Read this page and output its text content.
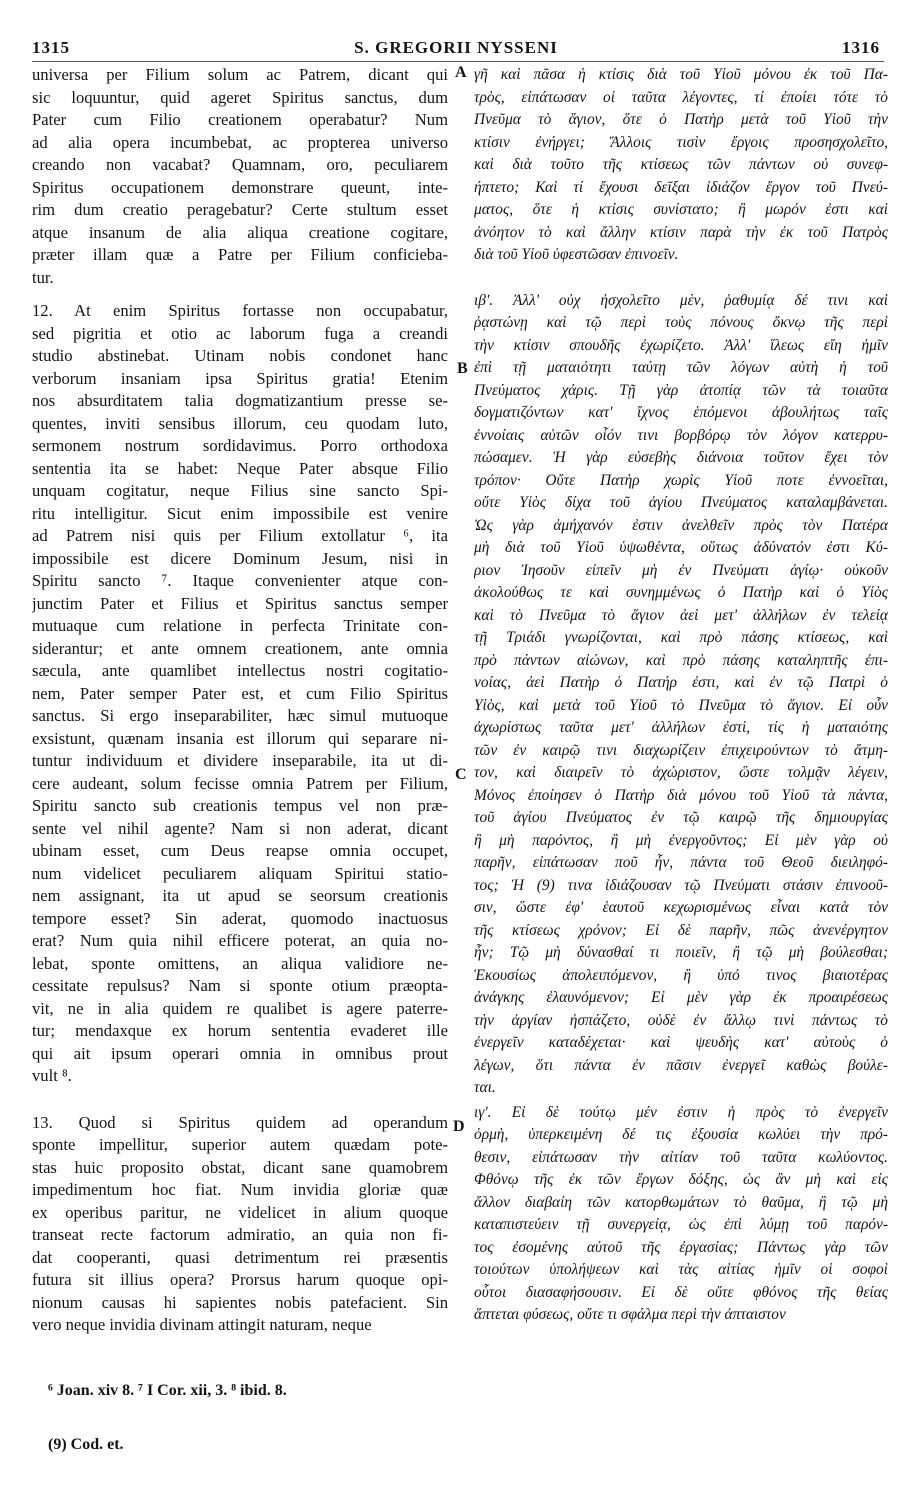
1315	S. GREGORII NYSSENI	1316
universa per Filium solum ac Patrem, dicant qui
sic loquuntur, quid ageret Spiritus sanctus, dum
Pater cum Filio creationem operabatur? Num
ad alia opera incumbebat, ac propterea universo
creando non vacabat? Quamnam, oro, peculiarem
Spiritus occupationem demonstrare queunt, inte-
rim dum creatio peragebatur? Certe stultum esset
atque insanum de alia aliqua creatione cogitare,
præter illam quæ a Patre per Filium conficieba-
tur.
12. At enim Spiritus fortasse non occupabatur,
sed pigritia et otio ac laborum fuga a creandi
studio abstinebat. Utinam nobis condonet hanc
verborum insaniam ipsa Spiritus gratia! Etenim
nos absurditatem talia dogmatizantium presse se-
quentes, inviti sensibus illorum, ceu quodam luto,
sermonem nostrum sordidavimus. Porro orthodoxa
sententia ita se habet: Neque Pater absque Filio
unquam cogitatur, neque Filius sine sancto Spi-
ritu intelligitur. Sicut enim impossibile est venire
ad Patrem nisi quis per Filium extollatur ⁶, ita
impossibile est dicere Dominum Jesum, nisi in
Spiritu sancto ⁷. Itaque convenienter atque con-
junctim Pater et Filius et Spiritus sanctus semper
mutuaque cum relatione in perfecta Trinitate con-
siderantur; et ante omnem creationem, ante omnia
sæcula, ante quamlibet intellectus nostri cogitatio-
nem, Pater semper Pater est, et cum Filio Spiritus
sanctus. Si ergo inseparabiliter, hæc simul mutuoque
exsistunt, quænam insania est illorum qui separare ni-
tuntur individuum et dividere inseparabile, ita ut di-
cere audeant, solum fecisse omnia Patrem per Filium,
Spiritu sancto sub creationis tempus vel non præ-
sente vel nihil agente? Nam si non aderat, dicant
ubinam esset, cum Deus reapse omnia occupet,
num videlicet peculiarem aliquam Spiritui statio-
nem assignant, ita ut apud se seorsum creationis
tempore esset? Sin aderat, quomodo inactuosus
erat? Num quia nihil efficere poterat, an quia no-
lebat, sponte omittens, an aliqua validiore ne-
cessitate repulsus? Nam si sponte otium præopta-
vit, ne in alia quidem re qualibet is agere paterre-
tur; mendaxque ex horum sententia evaderet ille
qui ait ipsum operari omnia in omnibus prout
vult ⁸.
13. Quod si Spiritus quidem ad operandum
sponte impellitur, superior autem quædam pote-
stas huic proposito obstat, dicant sane quamobrem
impedimentum hoc fiat. Num invidia gloriæ quæ
ex operibus paritur, ne videlicet in alium quoque
transeat recte factorum admiratio, an quia non fi-
dat cooperanti, quasi detrimentum rei præsentis
futura sit illius opera? Prorsus harum quoque opi-
nionum causas hi sapientes nobis patefacient. Sin
vero neque invidia divinam attingit naturam, neque
γῆ καὶ πᾶσα ἡ κτίσις διὰ τοῦ Υἱοῦ μόνου ἐκ τοῦ Πα-
τρὸς, εἰπάτωσαν οἱ ταῦτα λέγοντες, τί ἐποίει τότε τὸ
Πνεῦμα τὸ ἅγιον, ὅτε ὁ Πατὴρ μετὰ τοῦ Υἱοῦ τὴν
κτίσιν ἐνήργει; Ἄλλοις τισὶν ἔργοις προσησχολεῖτο,
καὶ διὰ τοῦτο τῆς κτίσεως τῶν πάντων οὐ συνεφ-
ήπτετο; Καὶ τί ἔχουσι δεῖξαι ἰδιάζον ἔργον τοῦ Πνεύ-
ματος, ὅτε ἡ κτίσις συνίστατο; ἢ μωρόν ἐστι καὶ
ἀνόητον τὸ καὶ ἄλλην κτίσιν παρὰ τὴν ἐκ τοῦ Πατρὸς
διὰ τοῦ Υἱοῦ ὑφεστῶσαν ἐπινοεῖν.
ιβʹ. Ἀλλ' οὐχ ἠσχολεῖτο μὲν, ῥαθυμίᾳ δέ τινι καὶ
ῥᾳστώνῃ καὶ τῷ περὶ τοὺς πόνους ὄκνῳ τῆς περὶ
τὴν κτίσιν σπουδῆς ἐχωρίζετο. Ἀλλ' ἵλεως εἴη ἡμῖν
ἐπὶ τῇ ματαιότητι ταύτῃ τῶν λόγων αὐτὴ ἡ τοῦ
Πνεύματος χάρις. Τῇ γὰρ ἀτοπίᾳ τῶν τὰ τοιαῦτα
δογματιζόντων κατ' ἴχνος ἑπόμενοι ἀβουλήτως ταῖς
ἐννοίαις αὐτῶν οἷόν τινι βορβόρῳ τὸν λόγον κατερρυ-
πώσαμεν. Ἡ γὰρ εὐσεβὴς διάνοια τοῦτον ἔχει τὸν
τρόπον· Οὔτε Πατὴρ χωρὶς Υἱοῦ ποτε ἐννοεῖται,
οὔτε Υἱὸς δίχα τοῦ ἁγίου Πνεύματος καταλαμβάνεται.
Ὡς γὰρ ἀμήχανόν ἐστιν ἀνελθεῖν πρὸς τὸν Πατέρα
μὴ διὰ τοῦ Υἱοῦ ὑψωθέντα, οὕτως ἀδύνατόν ἐστι Κύ-
ριον Ἰησοῦν εἰπεῖν μὴ ἐν Πνεύματι ἁγίῳ· οὐκοῦν
ἀκολούθως τε καὶ συνημμένως ὁ Πατὴρ καὶ ὁ Υἱὸς
καὶ τὸ Πνεῦμα τὸ ἅγιον ἀεὶ μετ' ἀλλήλων ἐν τελείᾳ
τῇ Τριάδι γνωρίζονται, καὶ πρὸ πάσης κτίσεως, καὶ
πρὸ πάντων αἰώνων, καὶ πρὸ πάσης καταληπτῆς ἐπι-
νοίας, ἀεὶ Πατὴρ ὁ Πατήρ ἐστι, καὶ ἐν τῷ Πατρὶ ὁ
Υἱὸς, καὶ μετὰ τοῦ Υἱοῦ τὸ Πνεῦμα τὸ ἅγιον. Εἰ οὖν
ἀχωρίστως ταῦτα μετ' ἀλλήλων ἐστὶ, τίς ἡ ματαιότης
τῶν ἐν καιρῷ τινι διαχωρίζειν ἐπιχειρούντων τὸ ἄτμη-
τον, καὶ διαιρεῖν τὸ ἀχώριστον, ὥστε τολμᾷν λέγειν,
Μόνος ἐποίησεν ὁ Πατὴρ διὰ μόνου τοῦ Υἱοῦ τὰ πάντα,
τοῦ ἁγίου Πνεύματος ἐν τῷ καιρῷ τῆς δημιουργίας
ἢ μὴ παρόντος, ἢ μὴ ἐνεργοῦντος; Εἰ μὲν γὰρ οὐ
παρῆν, εἰπάτωσαν ποῦ ἦν, πάντα τοῦ Θεοῦ διειληφό-
τος; Ἡ (9) τινα ἰδιάζουσαν τῷ Πνεύματι στάσιν ἐπινοοῦ-
σιν, ὥστε ἐφ' ἑαυτοῦ κεχωρισμένως εἶναι κατὰ τὸν
τῆς κτίσεως χρόνον; Εἰ δὲ παρῆν, πῶς ἀνενέργητον
ἦν; Τῷ μὴ δύνασθαί τι ποιεῖν, ἢ τῷ μὴ βούλεσθαι;
Ἑκουσίως ἀπολειπόμενον, ἢ ὑπό τινος βιαιοτέρας
ἀνάγκης ἐλαυνόμενον; Εἰ μὲν γὰρ ἐκ προαιρέσεως
τὴν ἀργίαν ἠσπάζετο, οὐδὲ ἐν ἄλλῳ τινὶ πάντως τὸ
ἐνεργεῖν καταδέχεται· καὶ ψευδὴς κατ' αὐτοὺς ὁ
λέγων, ὅτι πάντα ἐν πᾶσιν ἐνεργεῖ καθὼς βούλε-
ται.
ιγʹ. Εἰ δὲ τούτῳ μέν ἐστιν ἡ πρὸς τὸ ἐνεργεῖν
ὁρμὴ, ὑπερκειμένη δέ τις ἐξουσία κωλύει τὴν πρό-
θεσιν, εἰπάτωσαν τὴν αἰτίαν τοῦ ταῦτα κωλύοντος.
Φθόνῳ τῆς ἐκ τῶν ἔργων δόξης, ὡς ἂν μὴ καὶ εἰς
ἄλλον διαβαίη τῶν κατορθωμάτων τὸ θαῦμα, ἢ τῷ μὴ
καταπιστεύειν τῇ συνεργείᾳ, ὡς ἐπὶ λύμῃ τοῦ παρόν-
τος ἐσομένης αὐτοῦ τῆς ἐργασίας; Πάντως γὰρ τῶν
τοιούτων ὑπολήψεων καὶ τὰς αἰτίας ἡμῖν οἱ σοφοὶ
οὗτοι διασαφήσουσιν. Εἰ δὲ οὔτε φθόνος τῆς θείας
ἅπτεται φύσεως, οὔτε τι σφάλμα περὶ τὴν ἀπταιστον
A
B
C
D
⁶ Joan. xiv 8. ⁷ I Cor. xii, 3. ⁸ ibid. 8.
(9) Cod. et.
